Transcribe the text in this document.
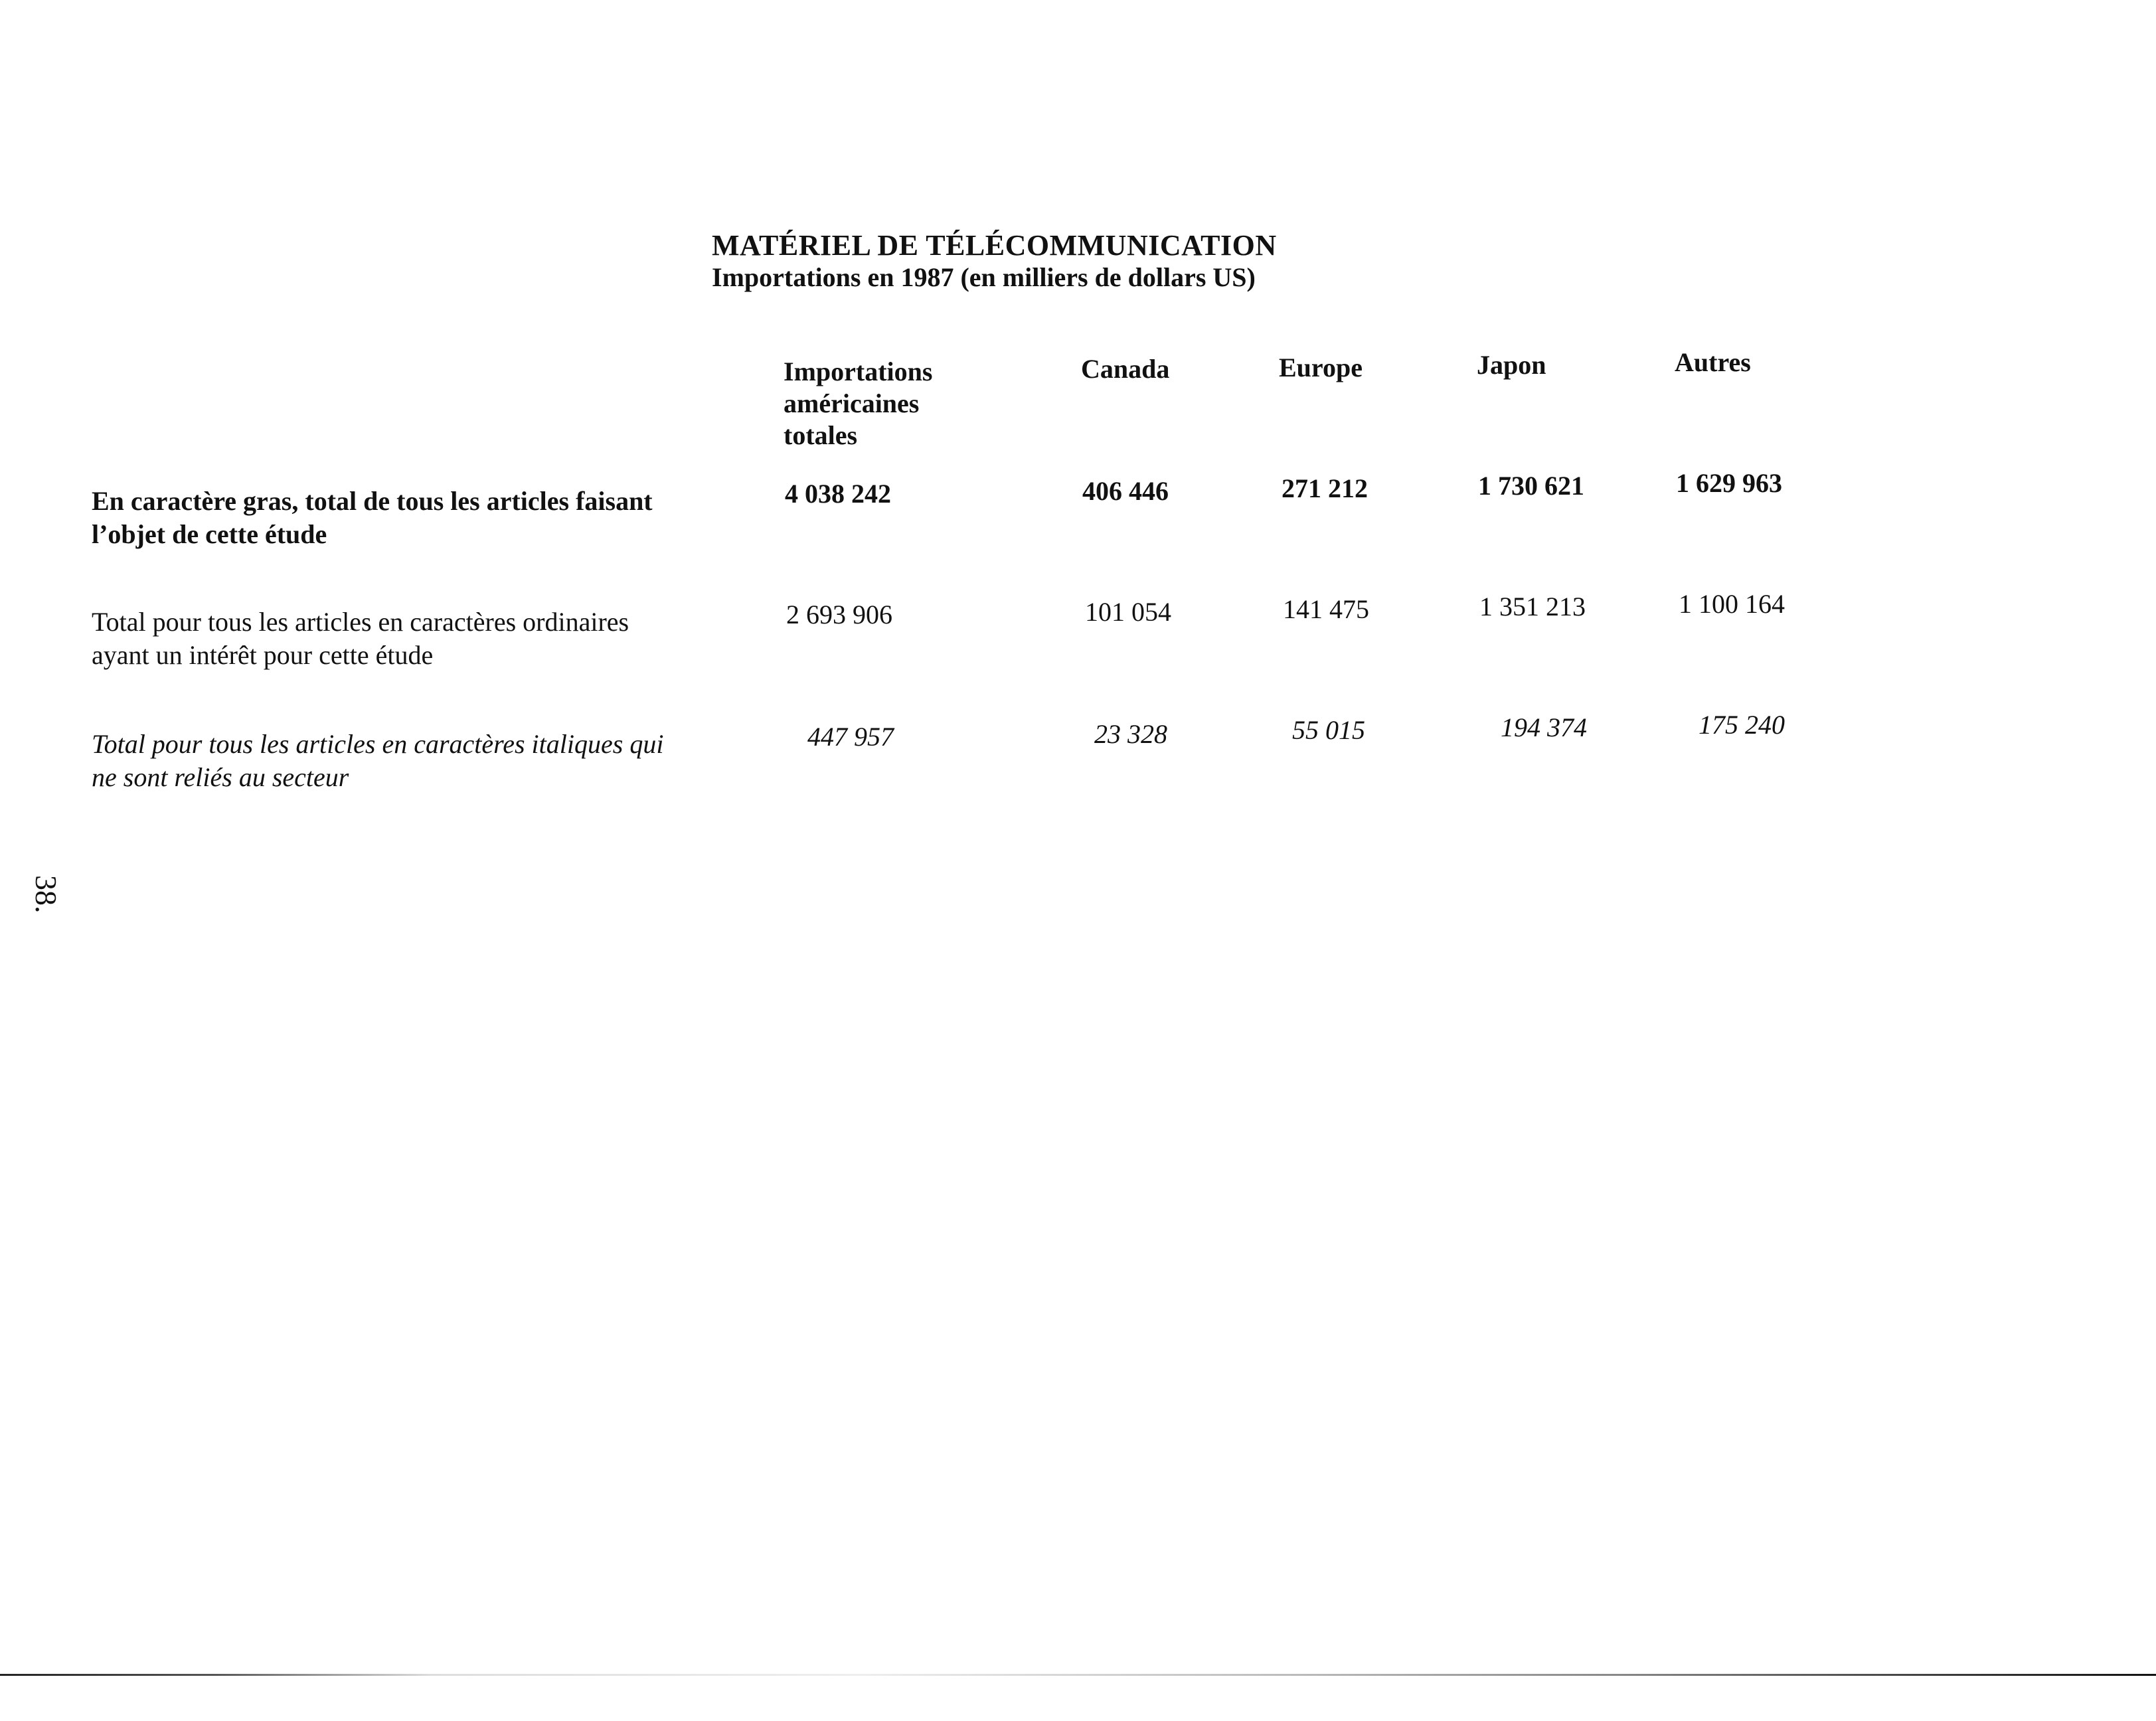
MATÉRIEL DE TÉLÉCOMMUNICATION
Importations en 1987 (en milliers de dollars US)
Importations
américaines
totales
Canada	Europe	Japon	Autres
En caractère gras, total de tous les articles faisant l’objet de cette étude
4 038 242	406 446	271 212	1 730 621	1 629 963
Total pour tous les articles en caractères ordinaires ayant un intérêt pour cette étude
2 693 906	101 054	141 475	1 351 213	1 100 164
Total pour tous les articles en caractères italiques qui ne sont reliés au secteur
447 957	23 328	55 015	194 374	175 240
38.
